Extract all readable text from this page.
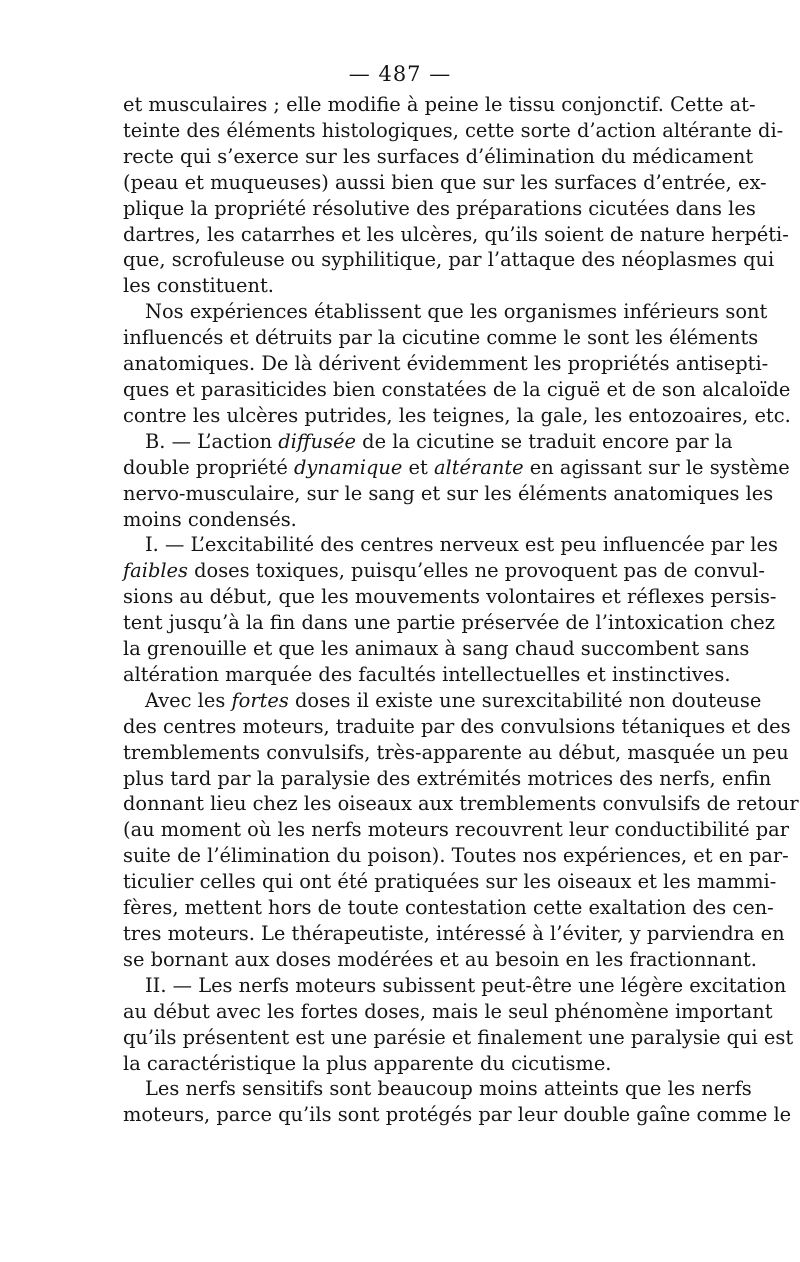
— 487 —
et musculaires ; elle modifie à peine le tissu conjonctif. Cette at-
teinte des éléments histologiques, cette sorte d’action altérante di-
recte qui s’exerce sur les surfaces d’élimination du médicament
(peau et muqueuses) aussi bien que sur les surfaces d’entrée, ex-
plique la propriété résolutive des préparations cicutées dans les
dartres, les catarrhes et les ulcères, qu’ils soient de nature herpéti-
que, scrofuleuse ou syphilitique, par l’attaque des néoplasmes qui
les constituent.
Nos expériences établissent que les organismes inférieurs sont
influencés et détruits par la cicutine comme le sont les éléments
anatomiques. De là dérivent évidemment les propriétés antisepti-
ques et parasiticides bien constatées de la ciguë et de son alcaloïde
contre les ulcères putrides, les teignes, la gale, les entozoaires, etc.
B. — L’action diffusée de la cicutine se traduit encore par la
double propriété dynamique et altérante en agissant sur le système
nervo-musculaire, sur le sang et sur les éléments anatomiques les
moins condensés.
I. — L’excitabilité des centres nerveux est peu influencée par les
faibles doses toxiques, puisqu’elles ne provoquent pas de convul-
sions au début, que les mouvements volontaires et réflexes persis-
tent jusqu’à la fin dans une partie préservée de l’intoxication chez
la grenouille et que les animaux à sang chaud succombent sans
altération marquée des facultés intellectuelles et instinctives.
Avec les fortes doses il existe une surexcitabilité non douteuse
des centres moteurs, traduite par des convulsions tétaniques et des
tremblements convulsifs, très-apparente au début, masquée un peu
plus tard par la paralysie des extrémités motrices des nerfs, enfin
donnant lieu chez les oiseaux aux tremblements convulsifs de retour
(au moment où les nerfs moteurs recouvrent leur conductibilité par
suite de l’élimination du poison). Toutes nos expériences, et en par-
ticulier celles qui ont été pratiquées sur les oiseaux et les mammi-
fères, mettent hors de toute contestation cette exaltation des cen-
tres moteurs. Le thérapeutiste, intéressé à l’éviter, y parviendra en
se bornant aux doses modérées et au besoin en les fractionnant.
II. — Les nerfs moteurs subissent peut-être une légère excitation
au début avec les fortes doses, mais le seul phénomène important
qu’ils présentent est une parésie et finalement une paralysie qui est
la caractéristique la plus apparente du cicutisme.
Les nerfs sensitifs sont beaucoup moins atteints que les nerfs
moteurs, parce qu’ils sont protégés par leur double gaîne comme le
